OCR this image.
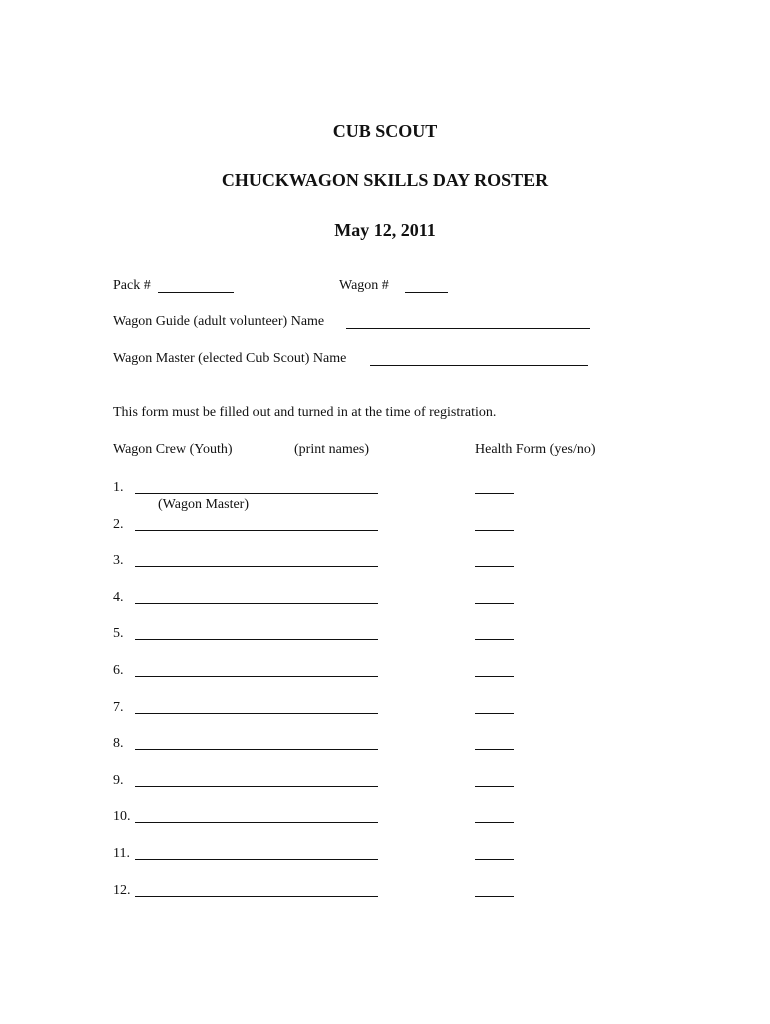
CUB SCOUT
CHUCKWAGON SKILLS DAY ROSTER
May 12, 2011
Pack #	Wagon #
Wagon Guide (adult volunteer) Name
Wagon Master (elected Cub Scout) Name
This form must be filled out and turned in at the time of registration.
Wagon Crew (Youth)	(print names)	Health Form (yes/no)
(Wagon Master)
1.
2.
3.
4.
5.
6.
7.
8.
9.
10.
11.
12.
